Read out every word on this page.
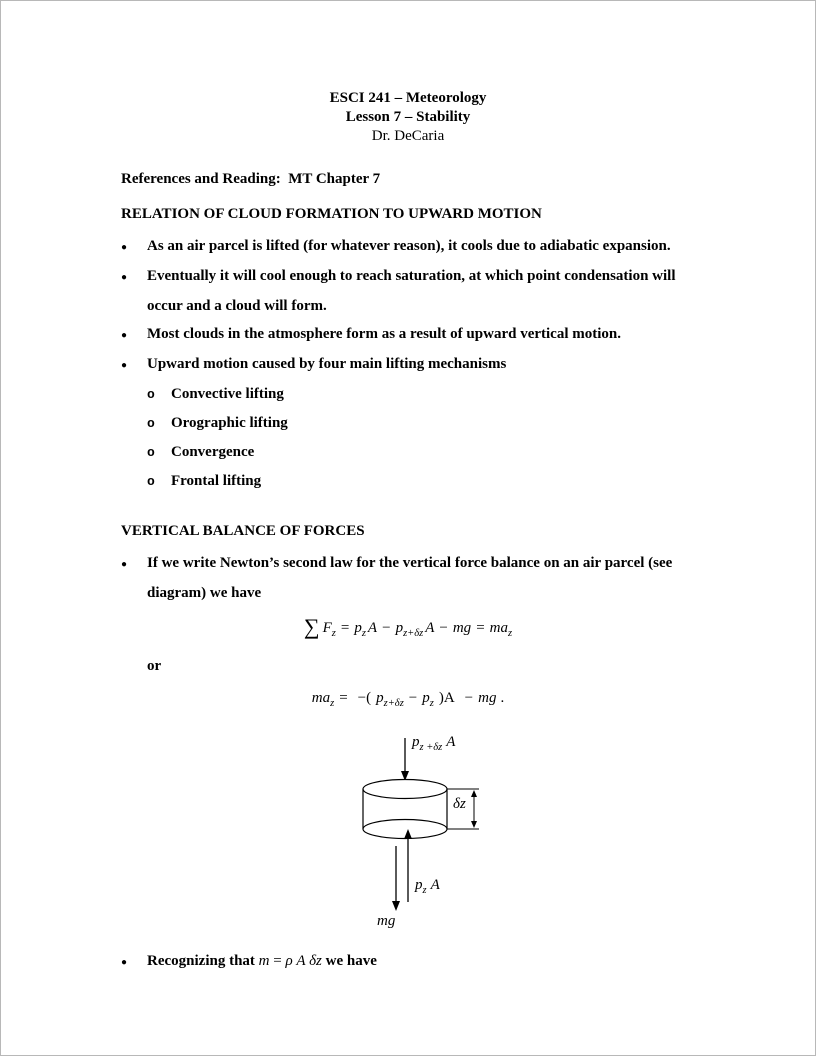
ESCI 241 – Meteorology
Lesson 7 – Stability
Dr. DeCaria
References and Reading:  MT Chapter 7
RELATION OF CLOUD FORMATION TO UPWARD MOTION
● As an air parcel is lifted (for whatever reason), it cools due to adiabatic expansion.
● Eventually it will cool enough to reach saturation, at which point condensation will occur and a cloud will form.
● Most clouds in the atmosphere form as a result of upward vertical motion.
● Upward motion caused by four main lifting mechanisms
o Convective lifting
o Orographic lifting
o Convergence
o Frontal lifting
VERTICAL BALANCE OF FORCES
● If we write Newton’s second law for the vertical force balance on an air parcel (see diagram) we have
∑ $F_z = p_z$ $A - p_{z+\delta z}$ A − mg = $ma_z$
or
$ma_z$ = −( $p_{z+\delta z} - p_z$ )A − mg .
$p_{z +\delta z}$ A
δz
$p_z$ A
mg
● Recognizing that m = ρ A δz we have
